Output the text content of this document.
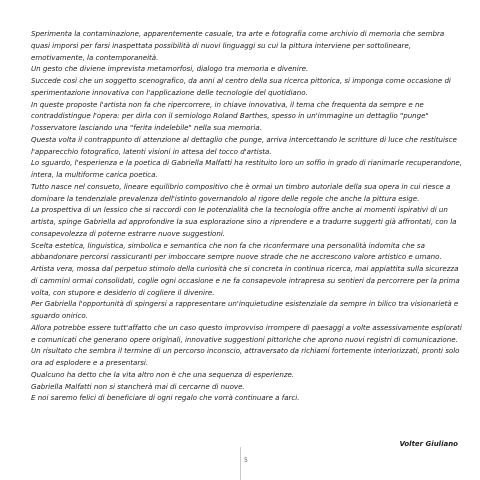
Sperimenta la contaminazione, apparentemente casuale, tra arte e fotografia come archivio di memoria che sembra quasi imporsi per farsi inaspettata possibilità di nuovi linguaggi su cui la pittura interviene per sottolineare, emotivamente, la contemporaneità.

Un gesto che diviene imprevista metamorfosi, dialogo tra memoria e divenire.

Succede così che un soggetto scenografico, da anni al centro della sua ricerca pittorica, si imponga come occasione di sperimentazione innovativa con l'applicazione delle tecnologie del quotidiano.

In queste proposte l'artista non fa che ripercorrere, in chiave innovativa, il tema che frequenta da sempre e ne contraddistingue l'opera: per dirla con il semiologo Roland Barthes, spesso in un'immagine un dettaglio "punge" l'osservatore lasciando una "ferita indelebile" nella sua memoria.

Questa volta il contrappunto di attenzione al dettaglio che punge, arriva intercettando le scritture di luce che restituisce l'apparecchio fotografico, latenti visioni in attesa del tocco d'artista.

Lo sguardo, l'esperienza e la poetica di Gabriella Malfatti ha restituito loro un soffio in grado di rianimarle recuperandone, intera, la multiforme carica poetica.

Tutto nasce nel consueto, lineare equilibrio compositivo che è ormai un timbro autoriale della sua opera in cui riesce a dominare la tendenziale prevalenza dell'istinto governandolo al rigore delle regole che anche la pittura esige.

La prospettiva di un lessico che si raccordi con le potenzialità che la tecnologia offre anche ai momenti ispirativi di un artista, spinge Gabriella ad approfondire la sua esplorazione sino a riprendere e a tradurre suggerti già affrontati, con la consapevolezza di poterne estrarre nuove suggestioni.

Scelta estetica, linguistica, simbolica e semantica che non fa che riconfermare una personalità indomita che sa abbandonare percorsi rassicuranti per imboccare sempre nuove strade che ne accrescono valore artistico e umano.

Artista vera, mossa dal perpetuo stimolo della curiosità che si concreta in continua ricerca, mai appiattita sulla sicurezza di cammini ormai consolidati, coglie ogni occasione e ne fa consapevole intrapresa su sentieri da percorrere per la prima volta, con stupore e desiderio di cogliere il divenire.

Per Gabriella l'opportunità di spingersi a rappresentare un'inquietudine esistenziale da sempre in bilico tra visionarietà e sguardo onirico.

Allora potrebbe essere tutt'affatto che un caso questo improvviso irrompere di paesaggi a volte assessivamente esplorati e comunicati che generano opere originali, innovative suggestioni pittoriche che aprono nuovi registri di comunicazione.

Un risultato che sembra il termine di un percorso inconscio, attraversato da richiami fortemente interiorizzati, pronti solo ora ad esplodere e a presentarsi.

Qualcuno ha detto che la vita altro non è che una sequenza di esperienze.

Gabriella Malfatti non si stancherà mai di cercarne di nuove.

E noi saremo felici di beneficiare di ogni regalo che vorrà continuare a farci.

Volter Giuliano
5
